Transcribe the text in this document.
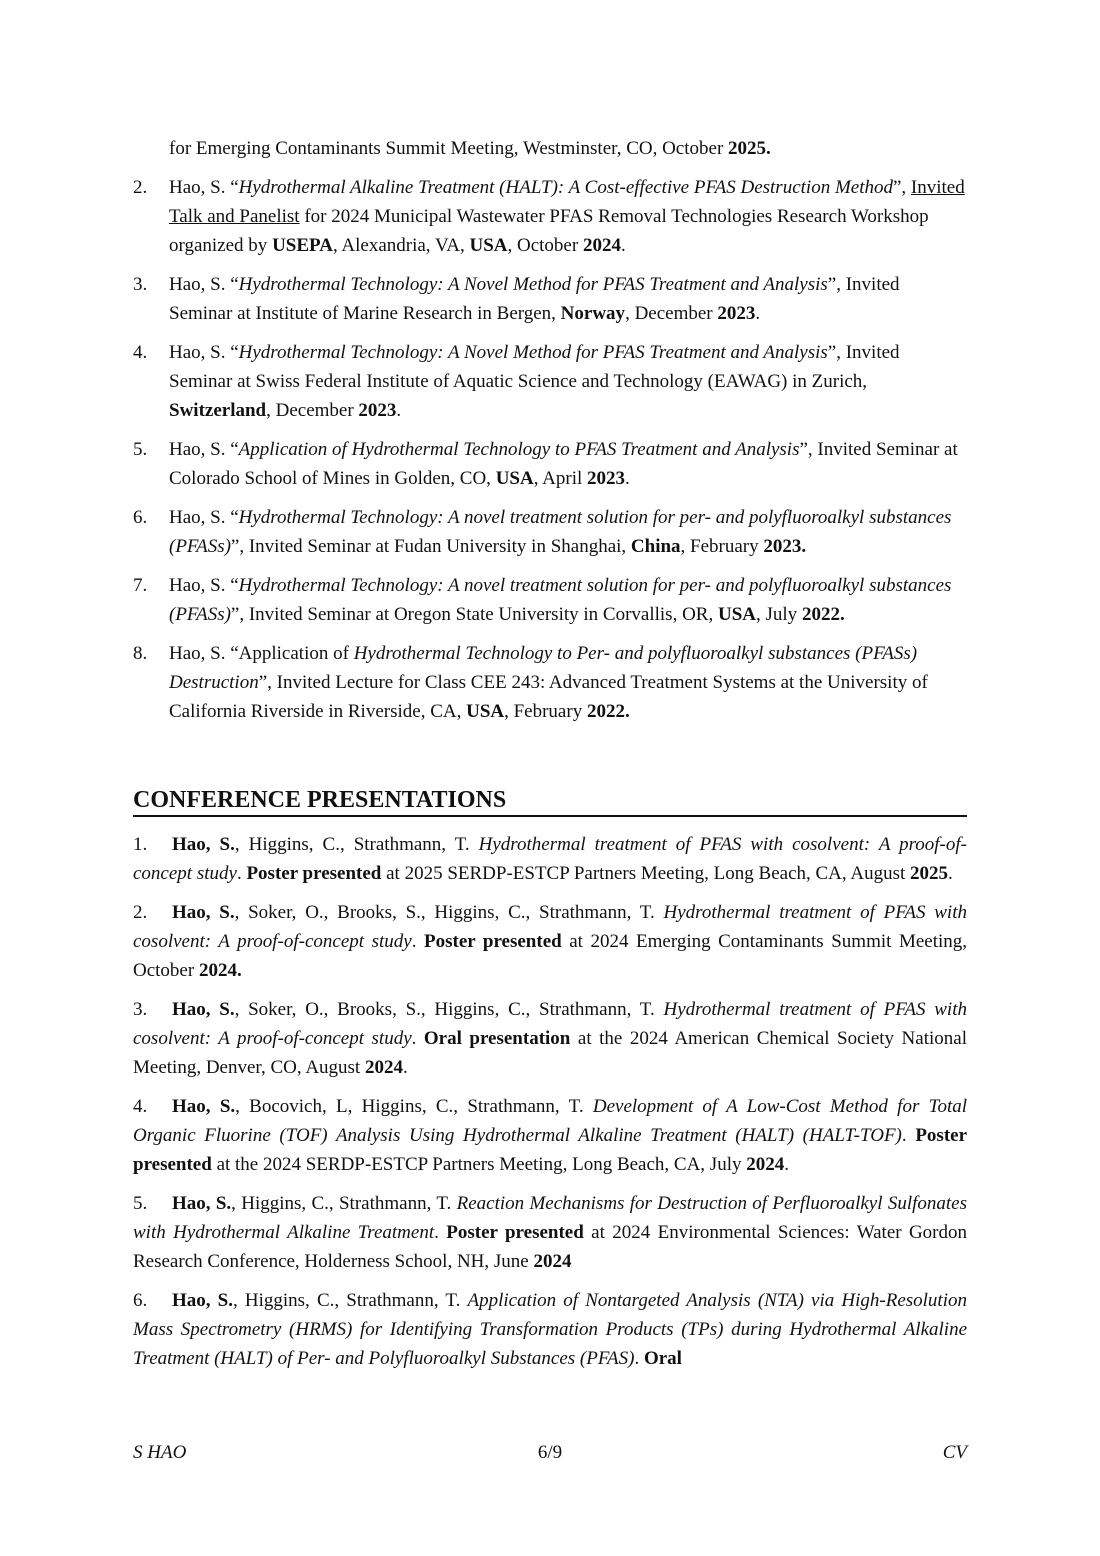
for Emerging Contaminants Summit Meeting, Westminster, CO, October 2025.
2.	Hao, S. “Hydrothermal Alkaline Treatment (HALT): A Cost-effective PFAS Destruction Method”, Invited Talk and Panelist for 2024 Municipal Wastewater PFAS Removal Technologies Research Workshop organized by USEPA, Alexandria, VA, USA, October 2024.
3.	Hao, S. “Hydrothermal Technology: A Novel Method for PFAS Treatment and Analysis”, Invited Seminar at Institute of Marine Research in Bergen, Norway, December 2023.
4.	Hao, S. “Hydrothermal Technology: A Novel Method for PFAS Treatment and Analysis”, Invited Seminar at Swiss Federal Institute of Aquatic Science and Technology (EAWAG) in Zurich, Switzerland, December 2023.
5.	Hao, S. “Application of Hydrothermal Technology to PFAS Treatment and Analysis”, Invited Seminar at Colorado School of Mines in Golden, CO, USA, April 2023.
6.	Hao, S. “Hydrothermal Technology: A novel treatment solution for per- and polyfluoroalkyl substances (PFASs)”, Invited Seminar at Fudan University in Shanghai, China, February 2023.
7.	Hao, S. “Hydrothermal Technology: A novel treatment solution for per- and polyfluoroalkyl substances (PFASs)”, Invited Seminar at Oregon State University in Corvallis, OR, USA, July 2022.
8.	Hao, S. “Application of Hydrothermal Technology to Per- and polyfluoroalkyl substances (PFASs) Destruction”, Invited Lecture for Class CEE 243: Advanced Treatment Systems at the University of California Riverside in Riverside, CA, USA, February 2022.
CONFERENCE PRESENTATIONS
1. Hao, S., Higgins, C., Strathmann, T. Hydrothermal treatment of PFAS with cosolvent: A proof-of-concept study. Poster presented at 2025 SERDP-ESTCP Partners Meeting, Long Beach, CA, August 2025.
2. Hao, S., Soker, O., Brooks, S., Higgins, C., Strathmann, T. Hydrothermal treatment of PFAS with cosolvent: A proof-of-concept study. Poster presented at 2024 Emerging Contaminants Summit Meeting, October 2024.
3. Hao, S., Soker, O., Brooks, S., Higgins, C., Strathmann, T. Hydrothermal treatment of PFAS with cosolvent: A proof-of-concept study. Oral presentation at the 2024 American Chemical Society National Meeting, Denver, CO, August 2024.
4. Hao, S., Bocovich, L, Higgins, C., Strathmann, T. Development of A Low-Cost Method for Total Organic Fluorine (TOF) Analysis Using Hydrothermal Alkaline Treatment (HALT) (HALT-TOF). Poster presented at the 2024 SERDP-ESTCP Partners Meeting, Long Beach, CA, July 2024.
5. Hao, S., Higgins, C., Strathmann, T. Reaction Mechanisms for Destruction of Perfluoroalkyl Sulfonates with Hydrothermal Alkaline Treatment. Poster presented at 2024 Environmental Sciences: Water Gordon Research Conference, Holderness School, NH, June 2024
6. Hao, S., Higgins, C., Strathmann, T. Application of Nontargeted Analysis (NTA) via High-Resolution Mass Spectrometry (HRMS) for Identifying Transformation Products (TPs) during Hydrothermal Alkaline Treatment (HALT) of Per- and Polyfluoroalkyl Substances (PFAS). Oral
S HAO	6/9	CV
